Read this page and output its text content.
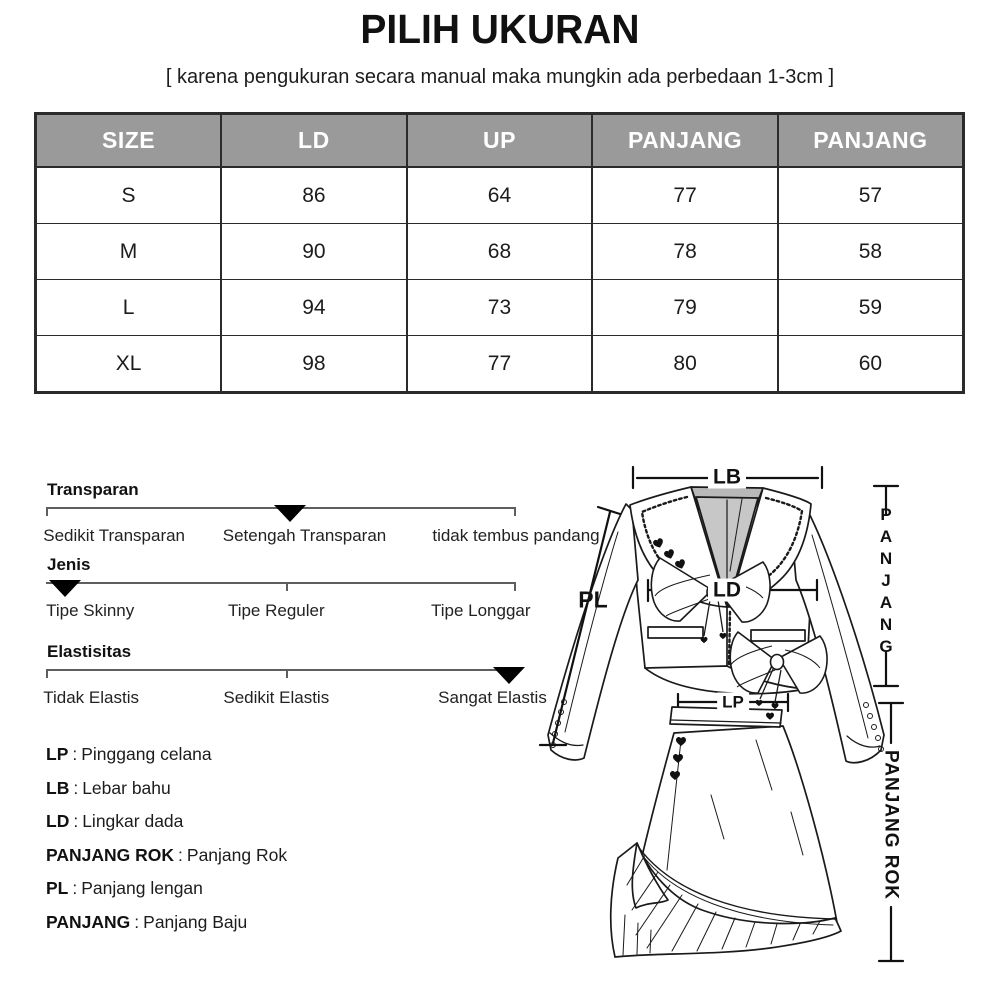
PILIH UKURAN
[ karena pengukuran secara manual maka mungkin ada perbedaan 1-3cm ]
SIZE	LD	UP	PANJANG	PANJANG
S	86	64	77	57
M	90	68	78	58
L	94	73	79	59
XL	98	77	80	60
Transparan
Sedikit Transparan Setengah Transparan	tidak tembus pandang
Jenis
Tipe Skinny	Tipe Reguler	Tipe Longgar
Elastisitas
Tidak Elastis	Sedikit Elastis	Sangat Elastis
LP : Pinggang celana
LB : Lebar bahu
LD : Lingkar dada
PANJANG ROK : Panjang Rok
PL : Panjang lengan
PANJANG : Panjang Baju
LB
PL	LD
LP
PANJANG
PANJANG ROK
